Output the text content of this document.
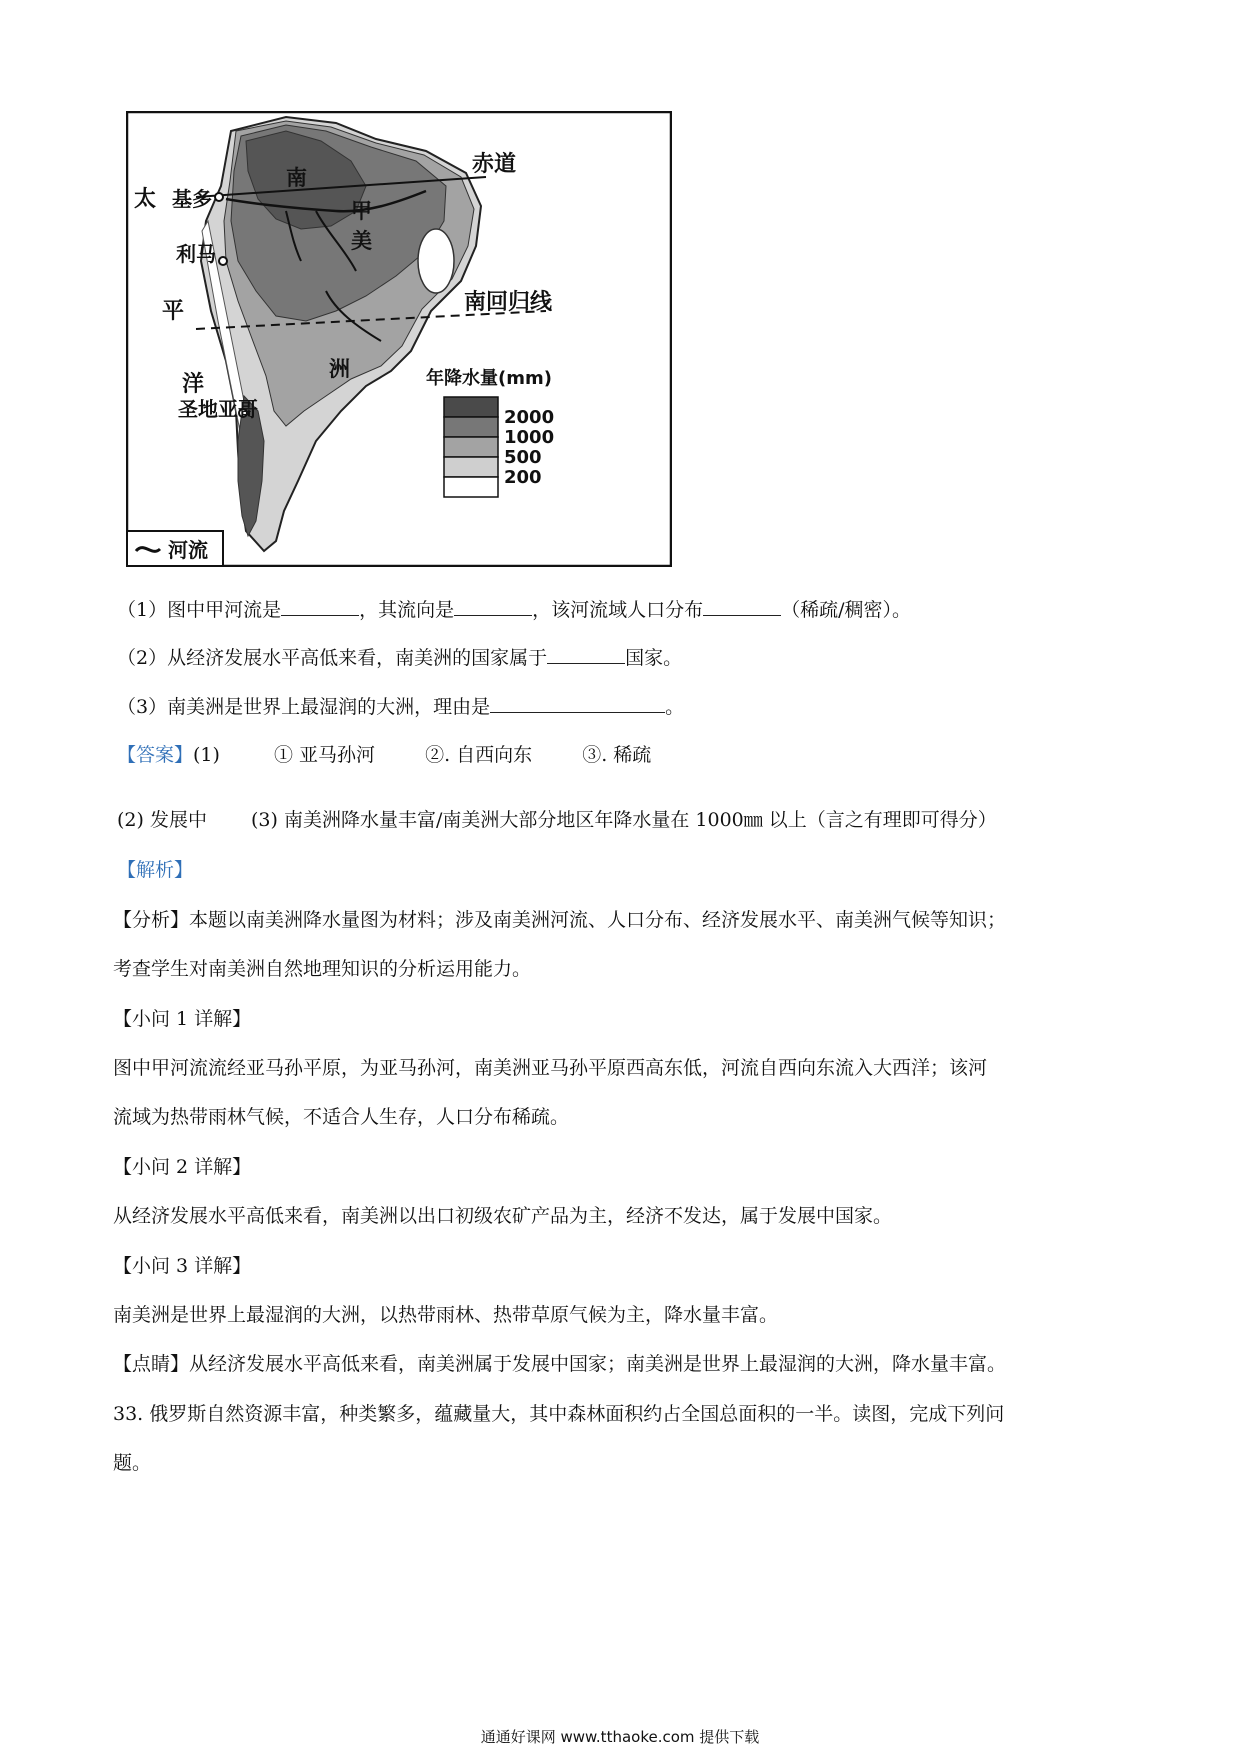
赤道
南回归线
太
平
洋
南
美
洲
甲
基多
利马
圣地亚哥
年降水量(mm)
2000
1000
500
200
河流
（1）图中甲河流是	，其流向是	，该河流域人口分布	（稀疏/稠密）。
（2）从经济发展水平高低来看，南美洲的国家属于	国家。
（3）南美洲是世界上最湿润的大洲，理由是	。
【答案】(1)	① 亚马孙河	②. 自西向东	③. 稀疏
(2) 发展中 (3) 南美洲降水量丰富/南美洲大部分地区年降水量在 1000㎜ 以上（言之有理即可得分）
【解析】
【分析】本题以南美洲降水量图为材料；涉及南美洲河流、人口分布、经济发展水平、南美洲气候等知识；
考查学生对南美洲自然地理知识的分析运用能力。
【小问 1 详解】
图中甲河流流经亚马孙平原，为亚马孙河，南美洲亚马孙平原西高东低，河流自西向东流入大西洋；该河
流域为热带雨林气候，不适合人生存，人口分布稀疏。
【小问 2 详解】
从经济发展水平高低来看，南美洲以出口初级农矿产品为主，经济不发达，属于发展中国家。
【小问 3 详解】
南美洲是世界上最湿润的大洲，以热带雨林、热带草原气候为主，降水量丰富。
【点睛】从经济发展水平高低来看，南美洲属于发展中国家；南美洲是世界上最湿润的大洲，降水量丰富。
33. 俄罗斯自然资源丰富，种类繁多，蕴藏量大，其中森林面积约占全国总面积的一半。读图，完成下列问
题。
通通好课网 www.tthaoke.com 提供下载
